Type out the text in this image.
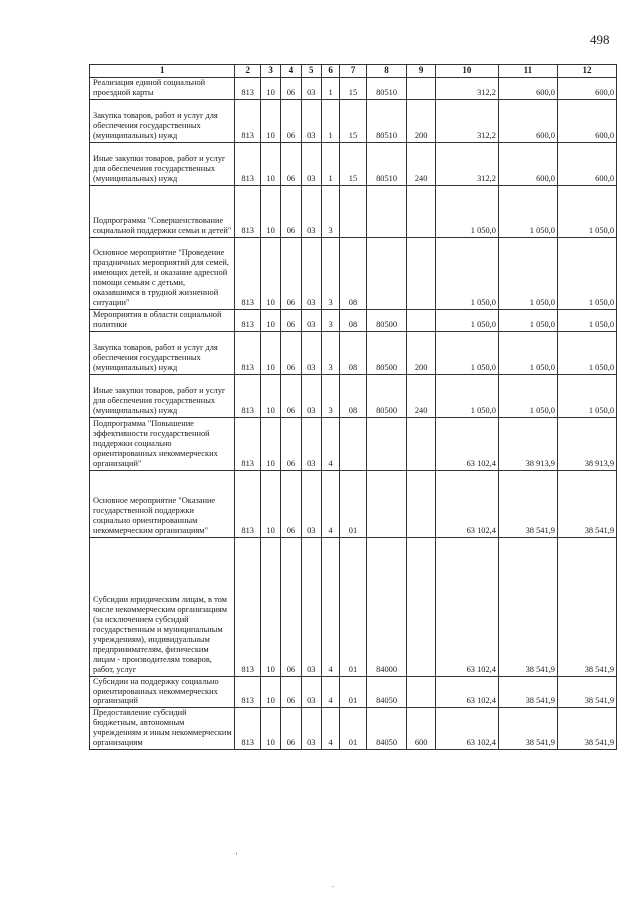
498
1	2	3	4	5	6	7	8	9	10	11	12
Реализация единой социальной проездной карты	813	10	06	03	1	15	80510		312,2	600,0	600,0
Закупка товаров, работ и услуг для обеспечения государственных (муниципальных) нужд	813	10	06	03	1	15	80510	200	312,2	600,0	600,0
Иные закупки товаров, работ и услуг для обеспечения государственных (муниципальных) нужд	813	10	06	03	1	15	80510	240	312,2	600,0	600,0
Подпрограмма "Совершенствование социальной поддержки семьи и детей"	813	10	06	03	3				1 050,0	1 050,0	1 050,0
Основное мероприятие "Проведение праздничных мероприятий для семей, имеющих детей, и оказание адресной помощи семьям с детьми, оказавшимся в трудной жизненной ситуации"	813	10	06	03	3	08			1 050,0	1 050,0	1 050,0
Мероприятия в области социальной политики	813	10	06	03	3	08	80500		1 050,0	1 050,0	1 050,0
Закупка товаров, работ и услуг для обеспечения государственных (муниципальных) нужд	813	10	06	03	3	08	80500	200	1 050,0	1 050,0	1 050,0
Иные закупки товаров, работ и услуг для обеспечения государственных (муниципальных) нужд	813	10	06	03	3	08	80500	240	1 050,0	1 050,0	1 050,0
Подпрограмма "Повышение эффективности государственной поддержки социально ориентированных некоммерческих организаций"	813	10	06	03	4				63 102,4	38 913,9	38 913,9
Основное мероприятие "Оказание государственной поддержки социально ориентированным некоммерческим организациям"	813	10	06	03	4	01			63 102,4	38 541,9	38 541,9
Субсидии юридическим лицам, в том числе некоммерческим организациям (за исключением субсидий государственным и муниципальным учреждениям), индивидуальным предпринимателям, физическим лицам - производителям товаров, работ, услуг	813	10	06	03	4	01	84000		63 102,4	38 541,9	38 541,9
Субсидии на поддержку социально ориентированных некоммерческих организаций	813	10	06	03	4	01	84050		63 102,4	38 541,9	38 541,9
Предоставление субсидий бюджетным, автономным учреждениям и иным некоммерческим организациям	813	10	06	03	4	01	84050	600	63 102,4	38 541,9	38 541,9
